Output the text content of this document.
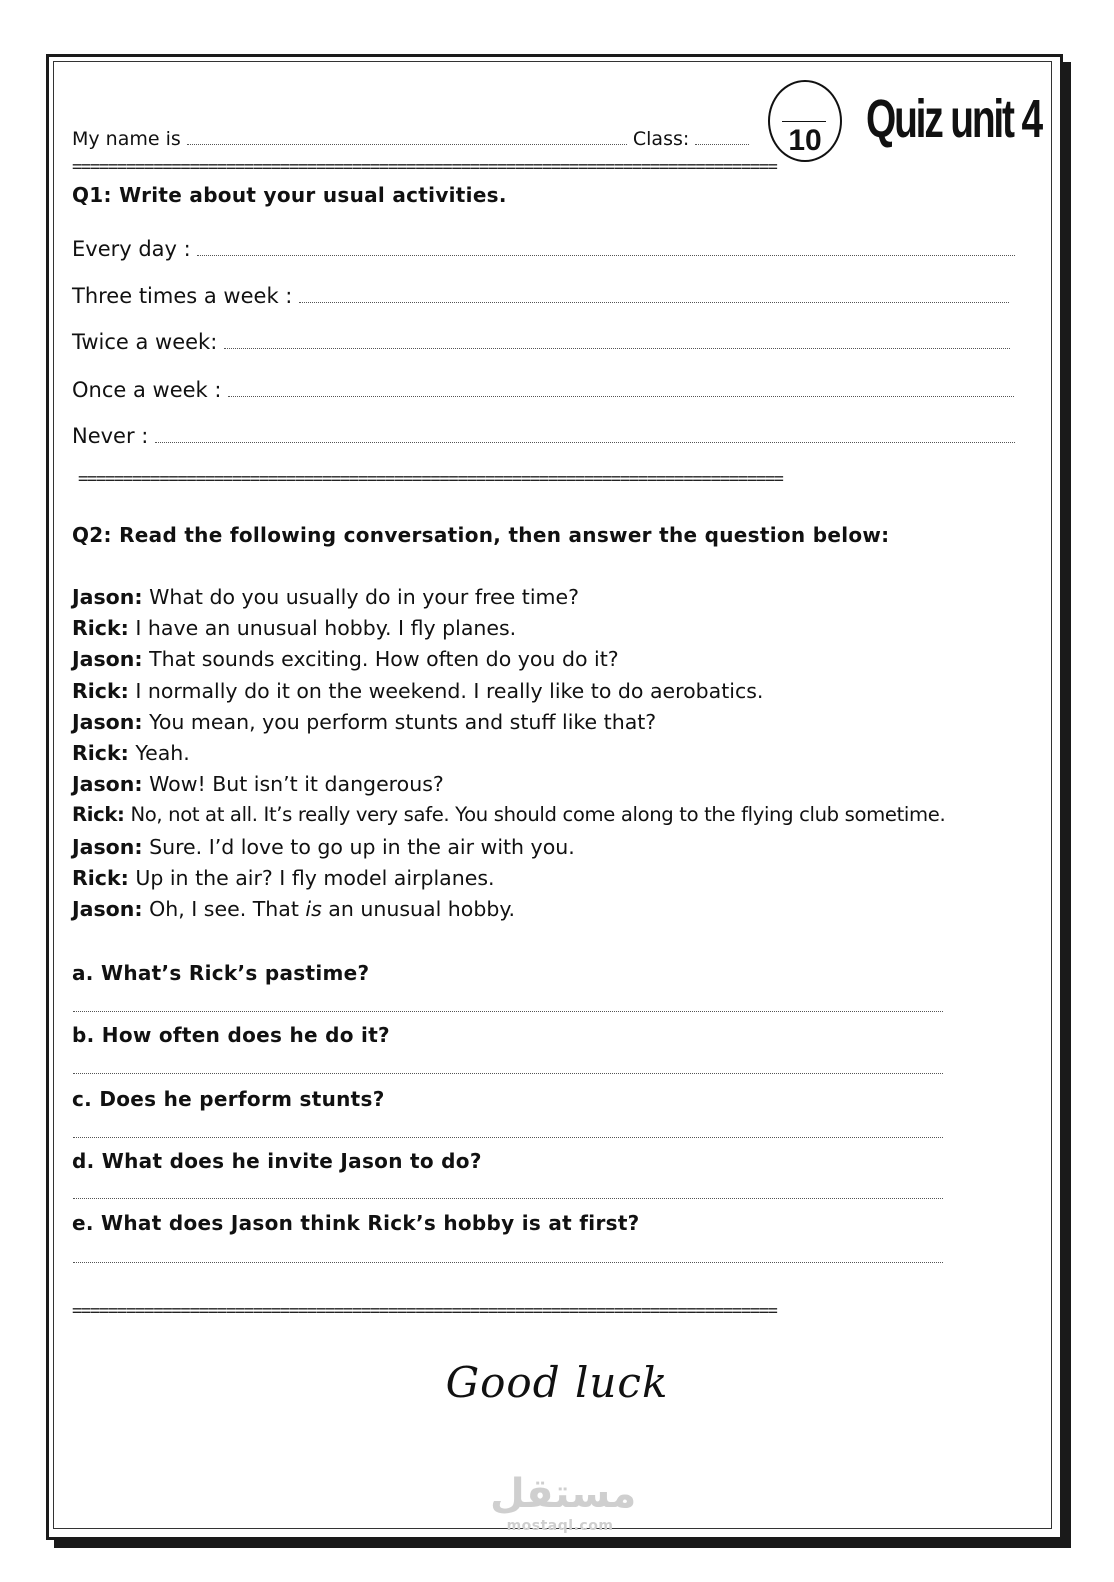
My name is	Class:	10 Quiz unit 4
==============================================================================
Q1: Write about your usual activities.
Every day :
Three times a week :
Twice a week:
Once a week :
Never :
==============================================================================
Q2: Read the following conversation, then answer the question below:
Jason: What do you usually do in your free time?
Rick: I have an unusual hobby. I fly planes.
Jason: That sounds exciting. How often do you do it?
Rick: I normally do it on the weekend. I really like to do aerobatics.
Jason: You mean, you perform stunts and stuff like that?
Rick: Yeah.
Jason: Wow! But isn’t it dangerous?
Rick: No, not at all. It’s really very safe. You should come along to the flying club sometime.
Jason: Sure. I’d love to go up in the air with you.
Rick: Up in the air? I fly model airplanes.
Jason: Oh, I see. That is an unusual hobby.
a. What’s Rick’s pastime?
b. How often does he do it?
c. Does he perform stunts?
d. What does he invite Jason to do?
e. What does Jason think Rick’s hobby is at first?
==============================================================================
Good luck
مستقل
mostaql.com
